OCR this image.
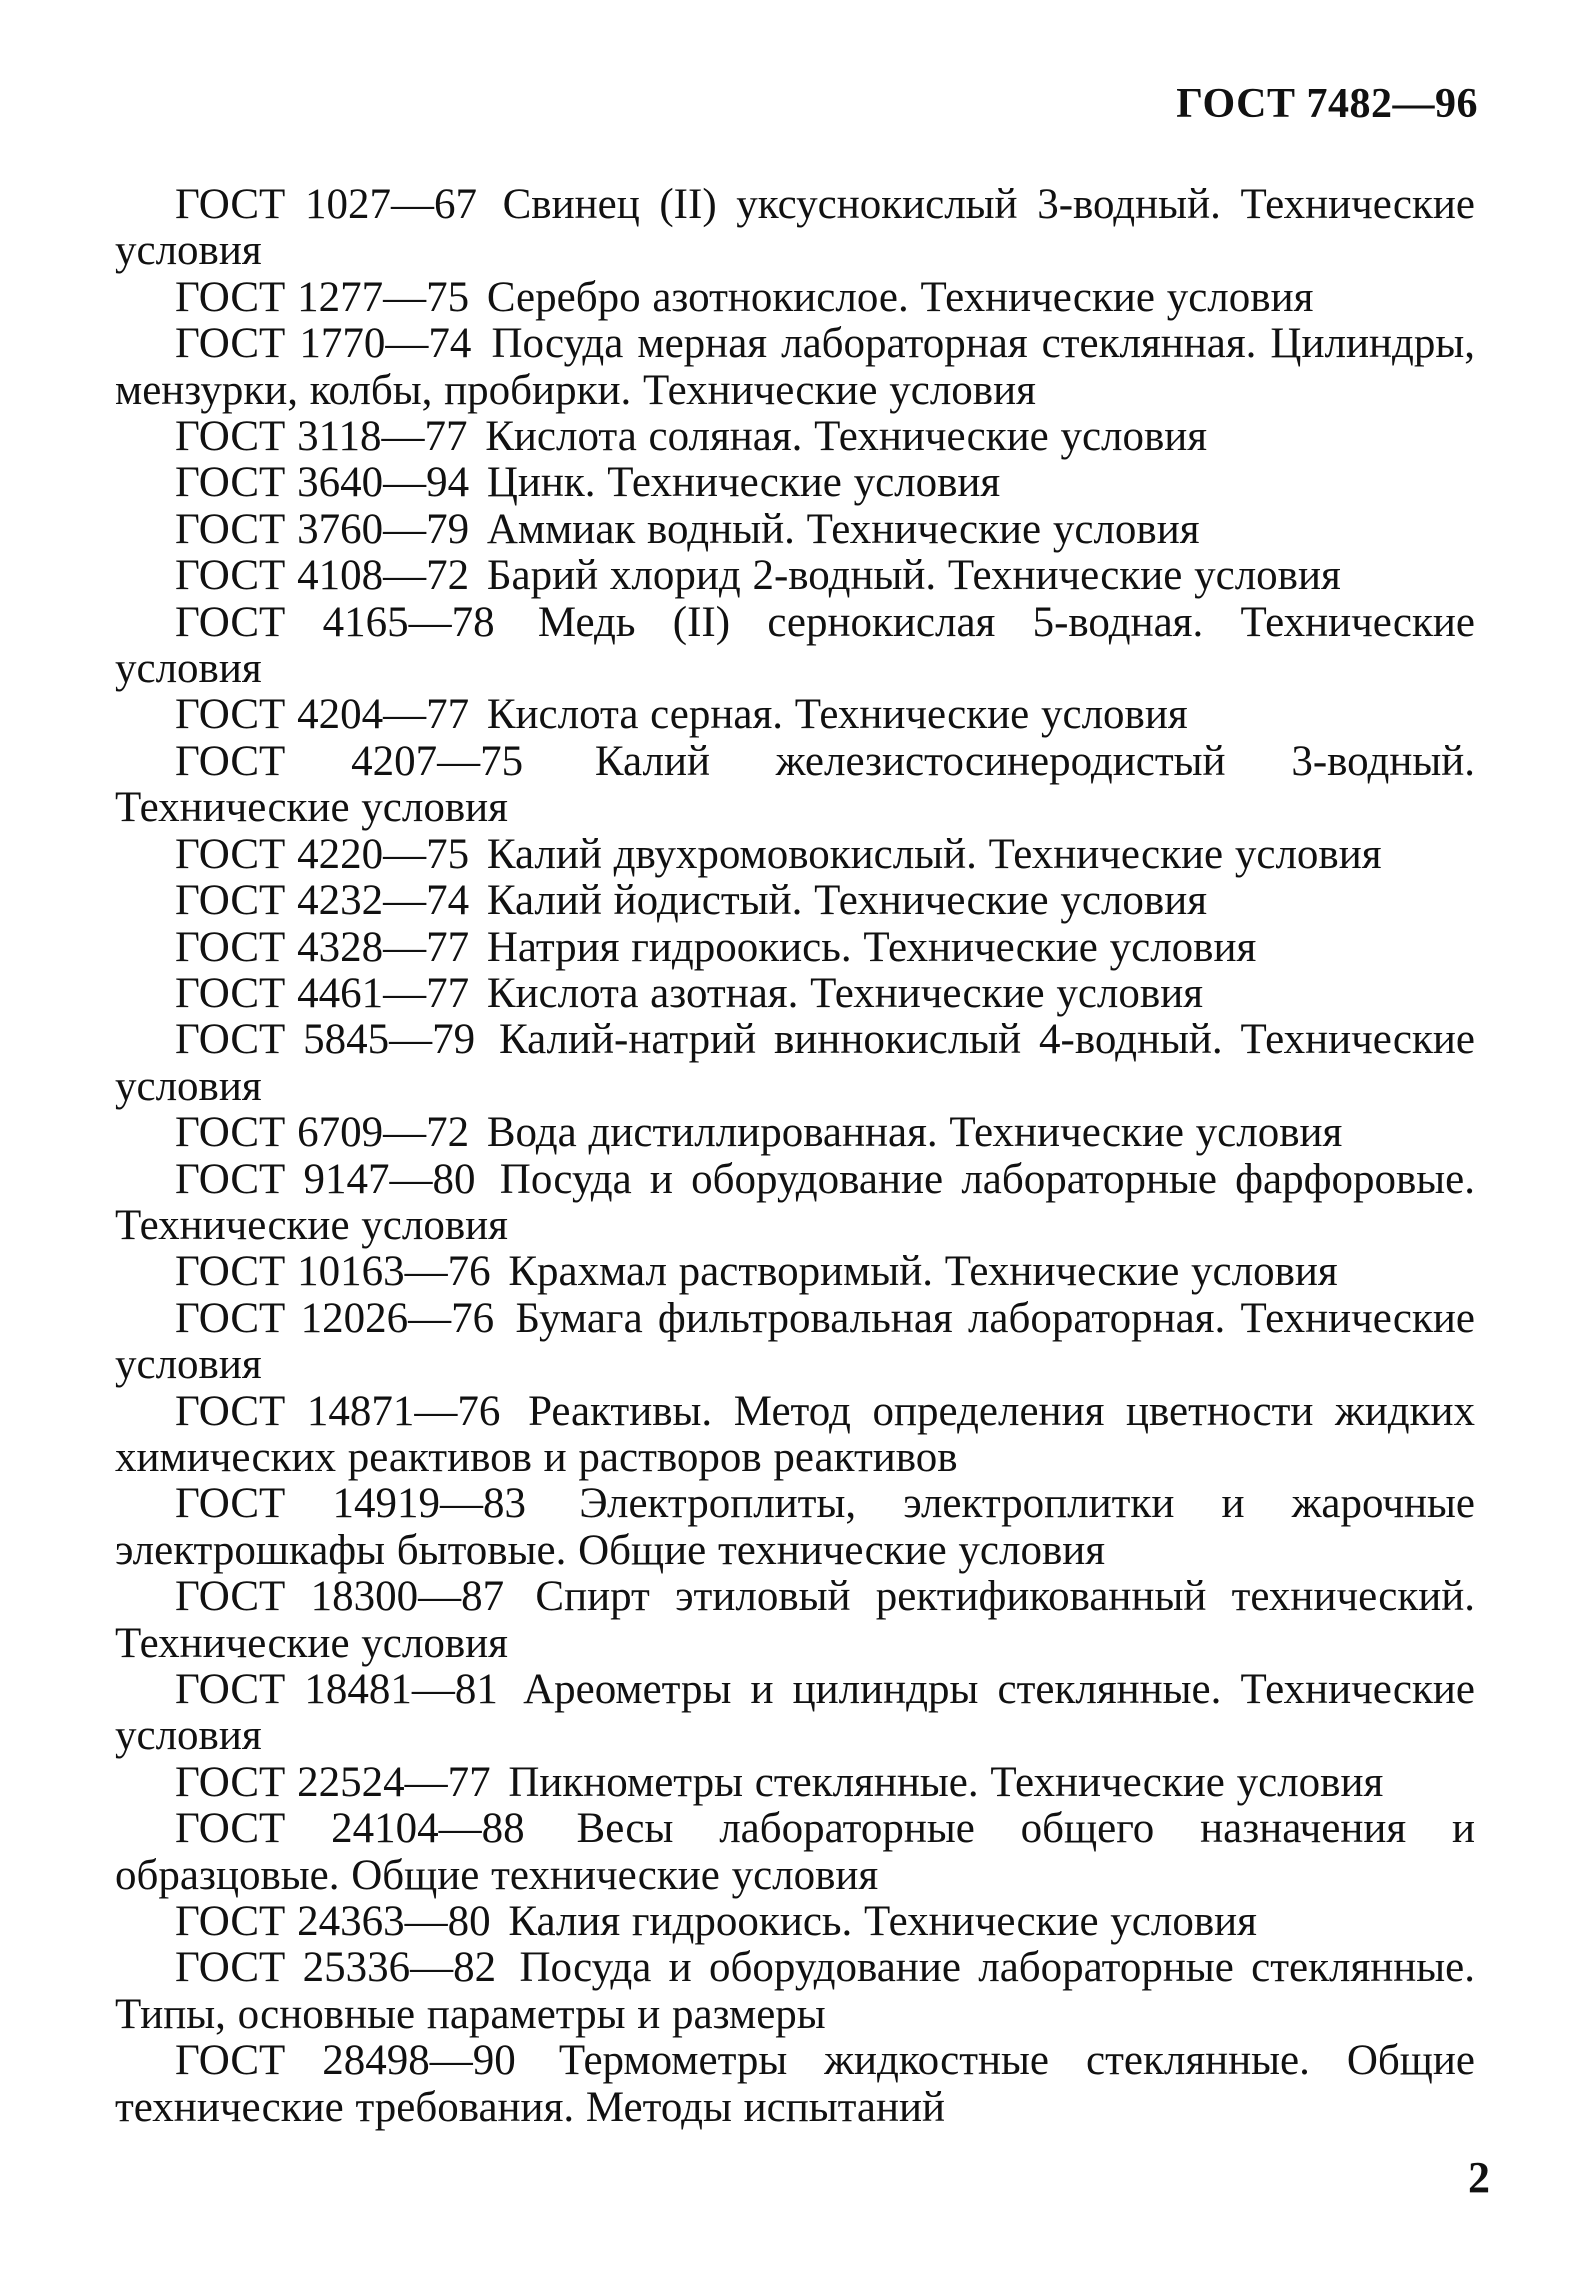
ГОСТ 7482—96

ГОСТ 1027—67 Свинец (II) уксуснокислый 3-водный. Технические условия

ГОСТ 1277—75 Серебро азотнокислое. Технические условия

ГОСТ 1770—74 Посуда мерная лабораторная стеклянная. Цилиндры, мензурки, колбы, пробирки. Технические условия

ГОСТ 3118—77 Кислота соляная. Технические условия

ГОСТ 3640—94 Цинк. Технические условия

ГОСТ 3760—79 Аммиак водный. Технические условия

ГОСТ 4108—72 Барий хлорид 2-водный. Технические условия

ГОСТ 4165—78 Медь (II) сернокислая 5-водная. Технические условия

ГОСТ 4204—77 Кислота серная. Технические условия

ГОСТ 4207—75 Калий железистосинеродистый 3-водный. Технические условия

ГОСТ 4220—75 Калий двухромовокислый. Технические условия

ГОСТ 4232—74 Калий йодистый. Технические условия

ГОСТ 4328—77 Натрия гидроокись. Технические условия

ГОСТ 4461—77 Кислота азотная. Технические условия

ГОСТ 5845—79 Калий-натрий виннокислый 4-водный. Технические условия

ГОСТ 6709—72 Вода дистиллированная. Технические условия

ГОСТ 9147—80 Посуда и оборудование лабораторные фарфоровые. Технические условия

ГОСТ 10163—76 Крахмал растворимый. Технические условия

ГОСТ 12026—76 Бумага фильтровальная лабораторная. Технические условия

ГОСТ 14871—76 Реактивы. Метод определения цветности жидких химических реактивов и растворов реактивов

ГОСТ 14919—83 Электроплиты, электроплитки и жарочные электрошкафы бытовые. Общие технические условия

ГОСТ 18300—87 Спирт этиловый ректификованный технический. Технические условия

ГОСТ 18481—81 Ареометры и цилиндры стеклянные. Технические условия

ГОСТ 22524—77 Пикнометры стеклянные. Технические условия

ГОСТ 24104—88 Весы лабораторные общего назначения и образцовые. Общие технические условия

ГОСТ 24363—80 Калия гидроокись. Технические условия

ГОСТ 25336—82 Посуда и оборудование лабораторные стеклянные. Типы, основные параметры и размеры

ГОСТ 28498—90 Термометры жидкостные стеклянные. Общие технические требования. Методы испытаний

2
